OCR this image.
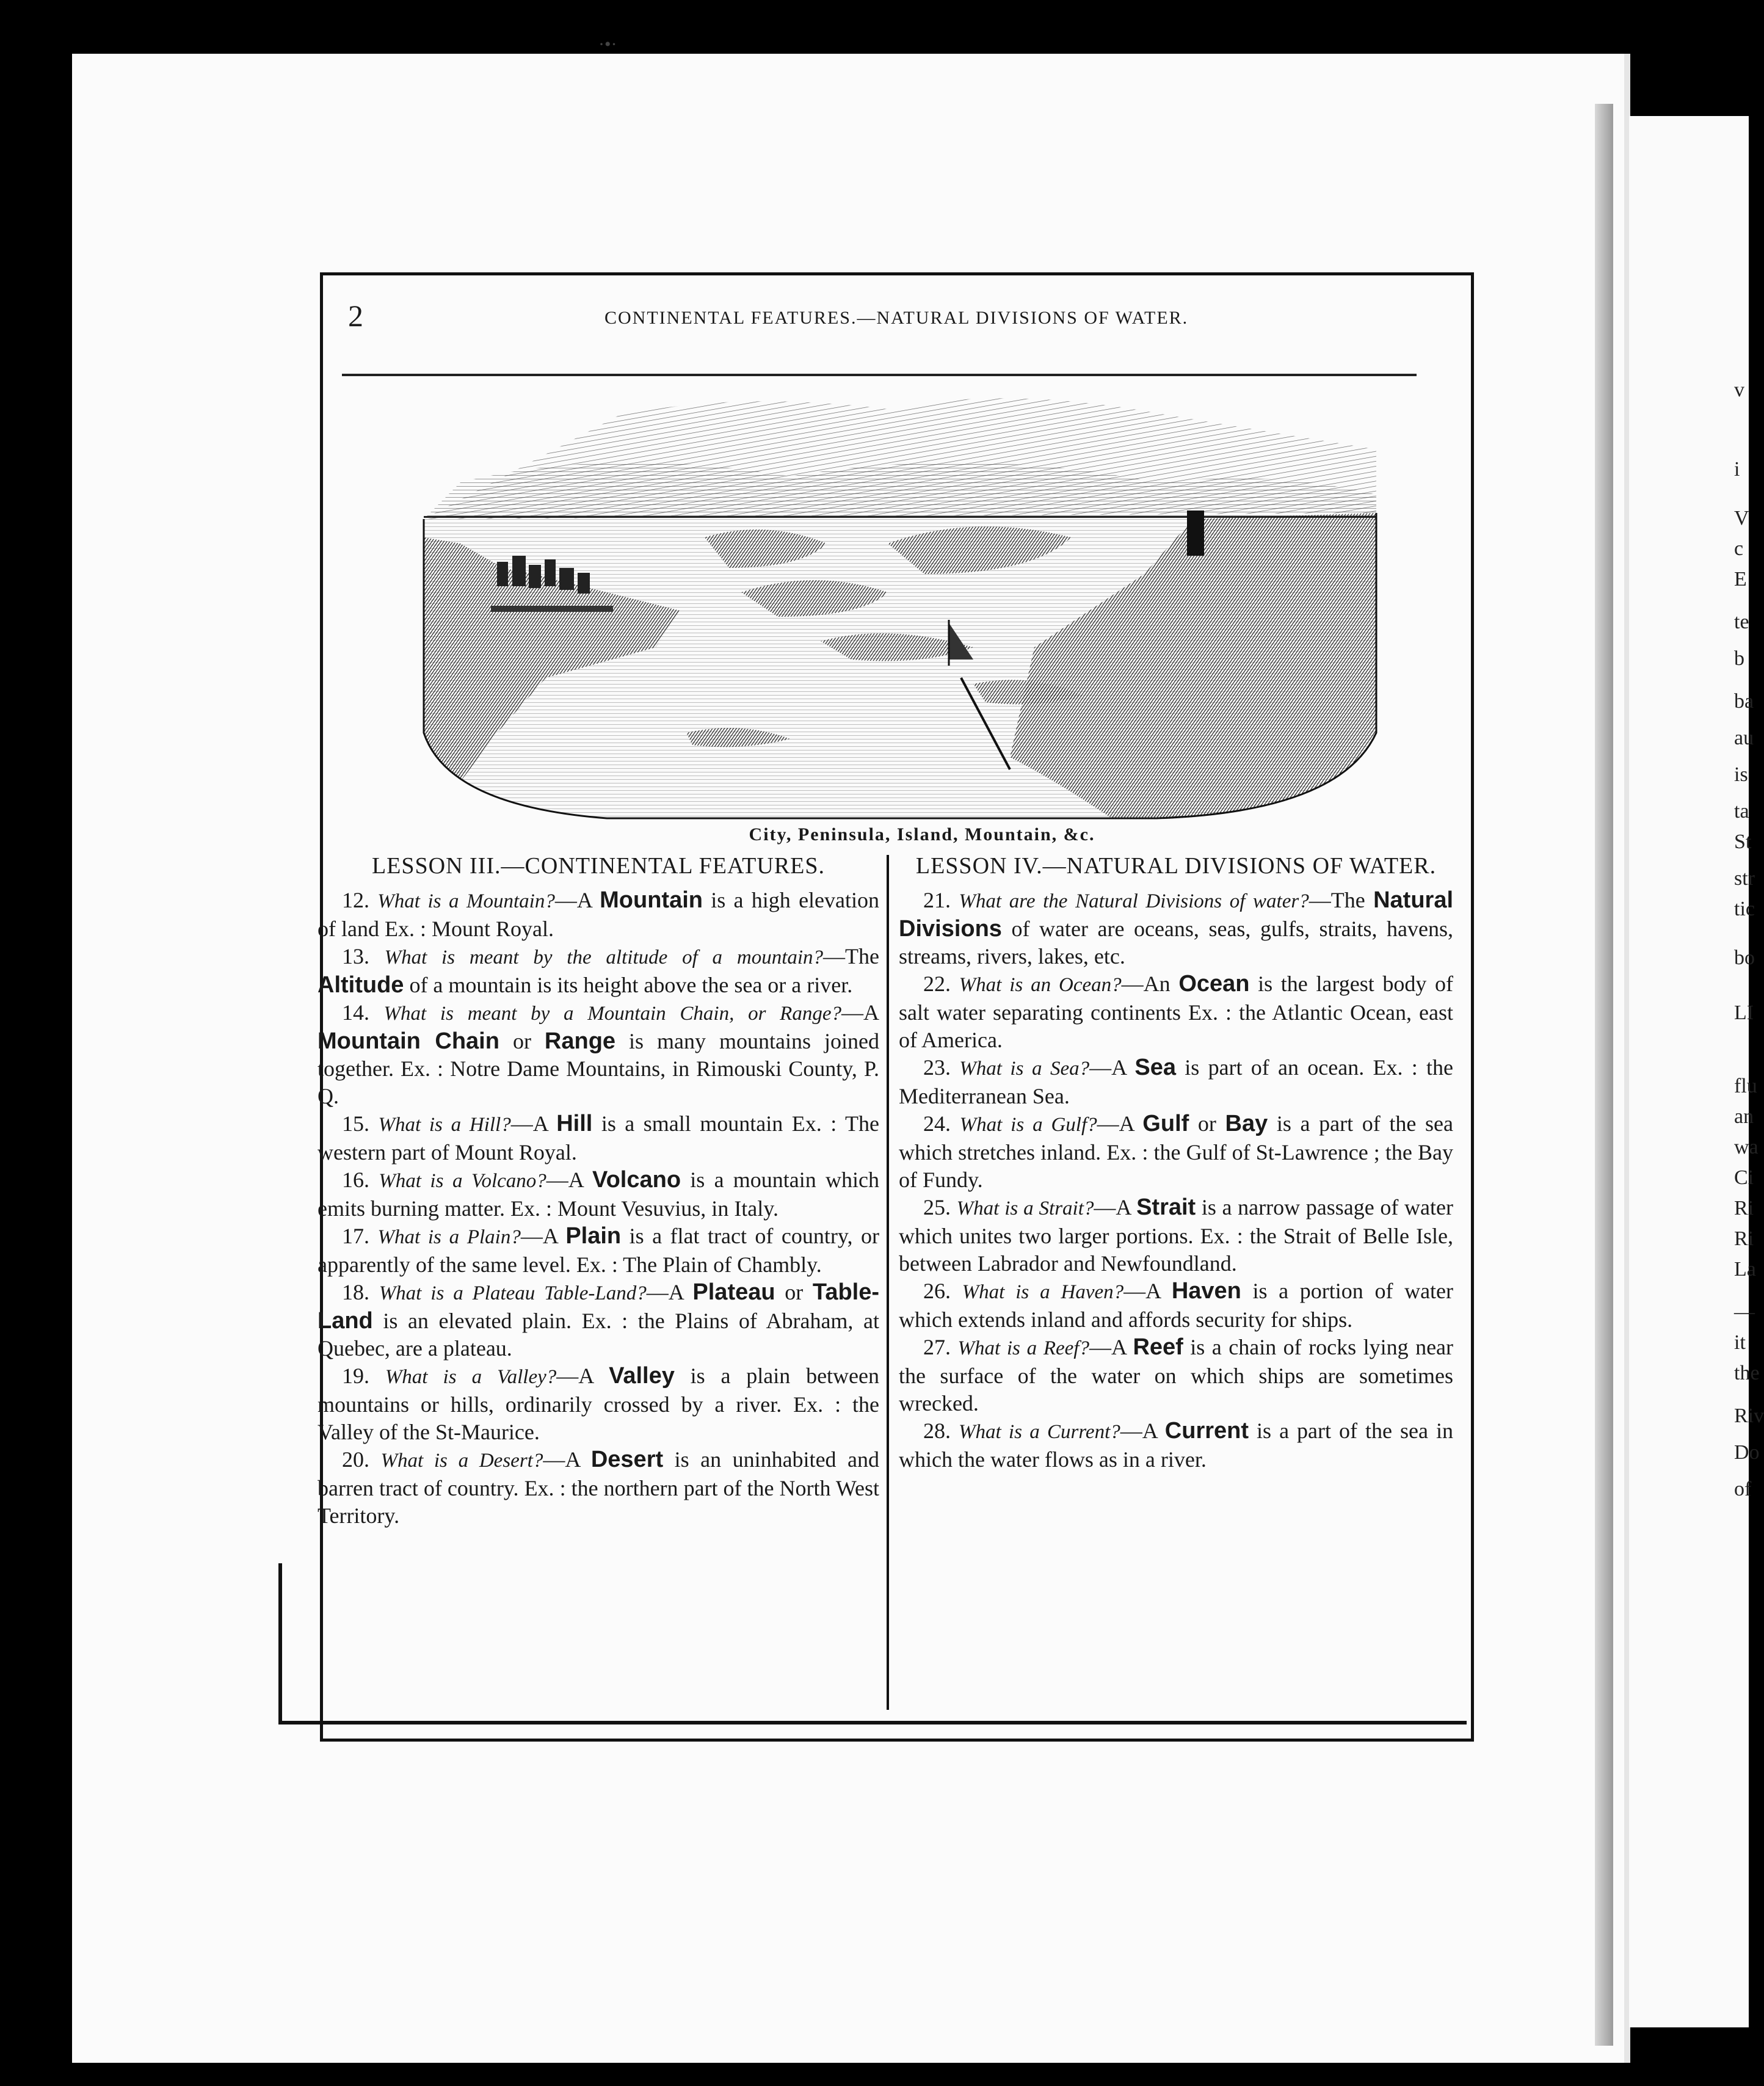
v
i
V
c
E
te
b
ba
au
is
ta
St
str
tic
bo
LI
flu
an
wa
Ci
Ri
Ri
La
—
it
the
Riv
Do
of
2	CONTINENTAL FEATURES.—NATURAL DIVISIONS OF WATER.
City, Peninsula, Island, Mountain, &c.
LESSON III.—CONTINENTAL FEATURES.

12. What is a Mountain?—A Mountain is a high elevation of land Ex. : Mount Royal.

13. What is meant by the altitude of a mountain?—The Altitude of a mountain is its height above the sea or a river.

14. What is meant by a Mountain Chain, or Range?—A Mountain Chain or Range is many mountains joined together. Ex. : Notre Dame Mountains, in Rimouski County, P. Q.

15. What is a Hill?—A Hill is a small mountain Ex. : The western part of Mount Royal.

16. What is a Volcano?—A Volcano is a mountain which emits burning matter. Ex. : Mount Vesuvius, in Italy.

17. What is a Plain?—A Plain is a flat tract of country, or apparently of the same level. Ex. : The Plain of Chambly.

18. What is a Plateau Table-Land?—A Plateau or Table-Land is an elevated plain. Ex. : the Plains of Abraham, at Quebec, are a plateau.

19. What is a Valley?—A Valley is a plain between mountains or hills, ordinarily crossed by a river. Ex. : the Valley of the St-Maurice.

20. What is a Desert?—A Desert is an uninhabited and barren tract of country. Ex. : the northern part of the North West Territory.

LESSON IV.—NATURAL DIVISIONS OF WATER.

21. What are the Natural Divisions of water?—The Natural Divisions of water are oceans, seas, gulfs, straits, havens, streams, rivers, lakes, etc.

22. What is an Ocean?—An Ocean is the largest body of salt water separating continents Ex. : the Atlantic Ocean, east of America.

23. What is a Sea?—A Sea is part of an ocean. Ex. : the Mediterranean Sea.

24. What is a Gulf?—A Gulf or Bay is a part of the sea which stretches inland. Ex. : the Gulf of St-Lawrence ; the Bay of Fundy.

25. What is a Strait?—A Strait is a narrow passage of water which unites two larger portions. Ex. : the Strait of Belle Isle, between Labrador and Newfoundland.

26. What is a Haven?—A Haven is a portion of water which extends inland and affords security for ships.

27. What is a Reef?—A Reef is a chain of rocks lying near the surface of the water on which ships are sometimes wrecked.

28. What is a Current?—A Current is a part of the sea in which the water flows as in a river.

·•·
